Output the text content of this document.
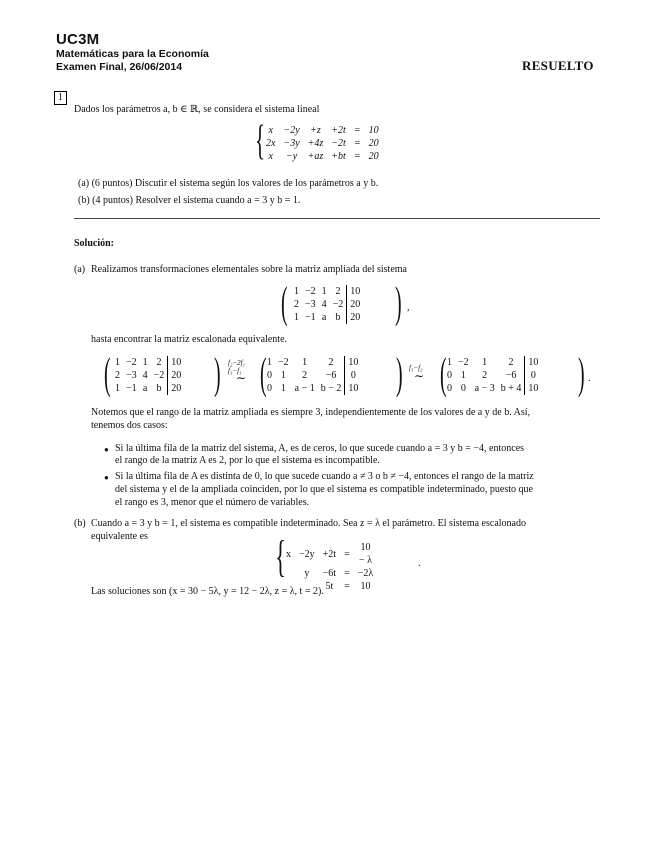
UC3M
Matemáticas para la Economía
Examen Final, 26/06/2014	RESUELTO
1
Dados los parámetros a, b ∈ ℝ, se considera el sistema lineal
{ x	−2y	+z	+2t	=	10
2x	−3y	+4z	−2t	=	20
x	−y	+az	+bt	=	20
(a) (6 puntos) Discutir el sistema según los valores de los parámetros a y b.
(b) (4 puntos) Resolver el sistema cuando a = 3 y b = 1.
Solución:
(a) Realizamos transformaciones elementales sobre la matriz ampliada del sistema
( 1	−2	1	2	10
2	−3	4	−2	20
1	−1	a	b	20 ) ,
hasta encontrar la matriz escalonada equivalente.
( 1	−2	1	2	10
2	−3	4	−2	20
1	−1	a	b	20 ) f₂−2f₁
f₃−f₁
∼ ( 1	−2	1	2	10
0	1	2	−6	0
0	1	a − 1	b − 2	10 ) f₃−f₂
∼ ( 1	−2	1	2	10
0	1	2	−6	0
0	0	a − 3	b + 4	10 ) .
Notemos que el rango de la matriz ampliada es siempre 3, independientemente de los valores de a y de b. Así,
tenemos dos casos:
● Si la última fila de la matriz del sistema, A, es de ceros, lo que sucede cuando a = 3 y b = −4, entonces
el rango de la matriz A es 2, por lo que el sistema es incompatible.
● Si la última fila de A es distinta de 0, lo que sucede cuando a ≠ 3 o b ≠ −4, entonces el rango de la matriz
del sistema y el de la ampliada coinciden, por lo que el sistema es compatible indeterminado, puesto que
el rango es 3, menor que el número de variables.
(b) Cuando a = 3 y b = 1, el sistema es compatible indeterminado. Sea z = λ el parámetro. El sistema escalonado
equivalente es	{ x	−2y	+2t	=	10 − λ
	y	−6t	=	−2λ
		5t	=	10
.
Las soluciones son (x = 30 − 5λ, y = 12 − 2λ, z = λ, t = 2).
